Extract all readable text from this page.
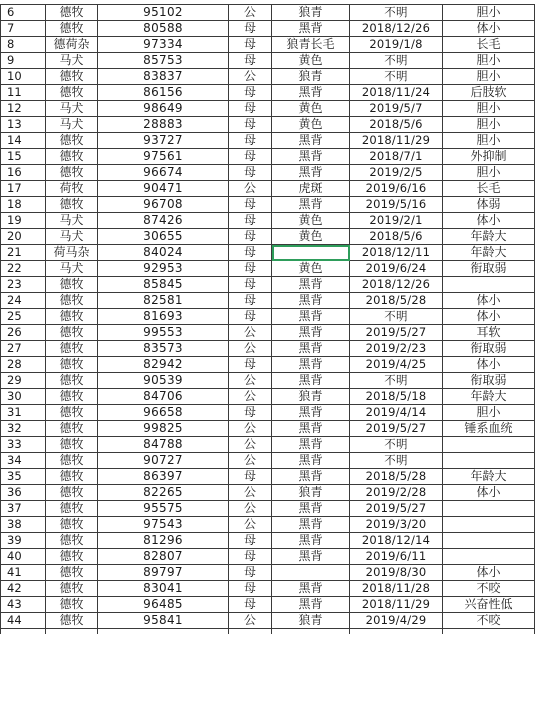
6	德牧	95102	公	狼青	不明	胆小
7	德牧	80588	母	黑背	2018/12/26	体小
8	德荷杂	97334	母	狼青长毛	2019/1/8	长毛
9	马犬	85753	母	黄色	不明	胆小
10	德牧	83837	公	狼青	不明	胆小
11	德牧	86156	母	黑背	2018/11/24	后肢软
12	马犬	98649	母	黄色	2019/5/7	胆小
13	马犬	28883	母	黄色	2018/5/6	胆小
14	德牧	93727	母	黑背	2018/11/29	胆小
15	德牧	97561	母	黑背	2018/7/1	外抑制
16	德牧	96674	母	黑背	2019/2/5	胆小
17	荷牧	90471	公	虎斑	2019/6/16	长毛
18	德牧	96708	母	黑背	2019/5/16	体弱
19	马犬	87426	母	黄色	2019/2/1	体小
20	马犬	30655	母	黄色	2018/5/6	年龄大
21	荷马杂	84024	母		2018/12/11	年龄大
22	马犬	92953	母	黄色	2019/6/24	衔取弱
23	德牧	85845	母	黑背	2018/12/26	
24	德牧	82581	母	黑背	2018/5/28	体小
25	德牧	81693	母	黑背	不明	体小
26	德牧	99553	公	黑背	2019/5/27	耳软
27	德牧	83573	公	黑背	2019/2/23	衔取弱
28	德牧	82942	母	黑背	2019/4/25	体小
29	德牧	90539	公	黑背	不明	衔取弱
30	德牧	84706	公	狼青	2018/5/18	年龄大
31	德牧	96658	母	黑背	2019/4/14	胆小
32	德牧	99825	公	黑背	2019/5/27	锤系血统
33	德牧	84788	公	黑背	不明	
34	德牧	90727	公	黑背	不明	
35	德牧	86397	母	黑背	2018/5/28	年龄大
36	德牧	82265	公	狼青	2019/2/28	体小
37	德牧	95575	公	黑背	2019/5/27	
38	德牧	97543	公	黑背	2019/3/20	
39	德牧	81296	母	黑背	2018/12/14	
40	德牧	82807	母	黑背	2019/6/11	
41	德牧	89797	母		2019/8/30	体小
42	德牧	83041	母	黑背	2018/11/28	不咬
43	德牧	96485	母	黑背	2018/11/29	兴奋性低
44	德牧	95841	公	狼青	2019/4/29	不咬
